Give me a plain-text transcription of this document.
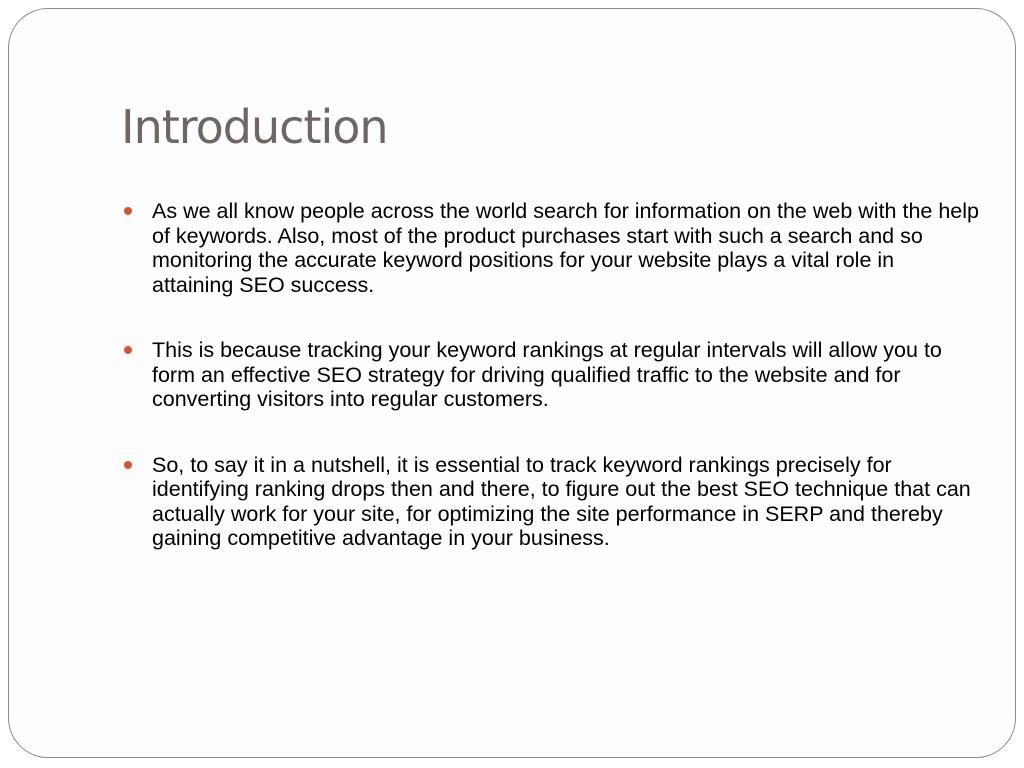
Introduction
As we all know people across the world search for information on the web with the help of keywords. Also, most of the product purchases start with such a search and so monitoring the accurate keyword positions for your website plays a vital role in attaining SEO success.
This is because tracking your keyword rankings at regular intervals will allow you to form an effective SEO strategy for driving qualified traffic to the website and for converting visitors into regular customers.
So, to say it in a nutshell, it is essential to track keyword rankings precisely for identifying ranking drops then and there, to figure out the best SEO technique that can actually work for your site, for optimizing the site performance in SERP and thereby gaining competitive advantage in your business.
